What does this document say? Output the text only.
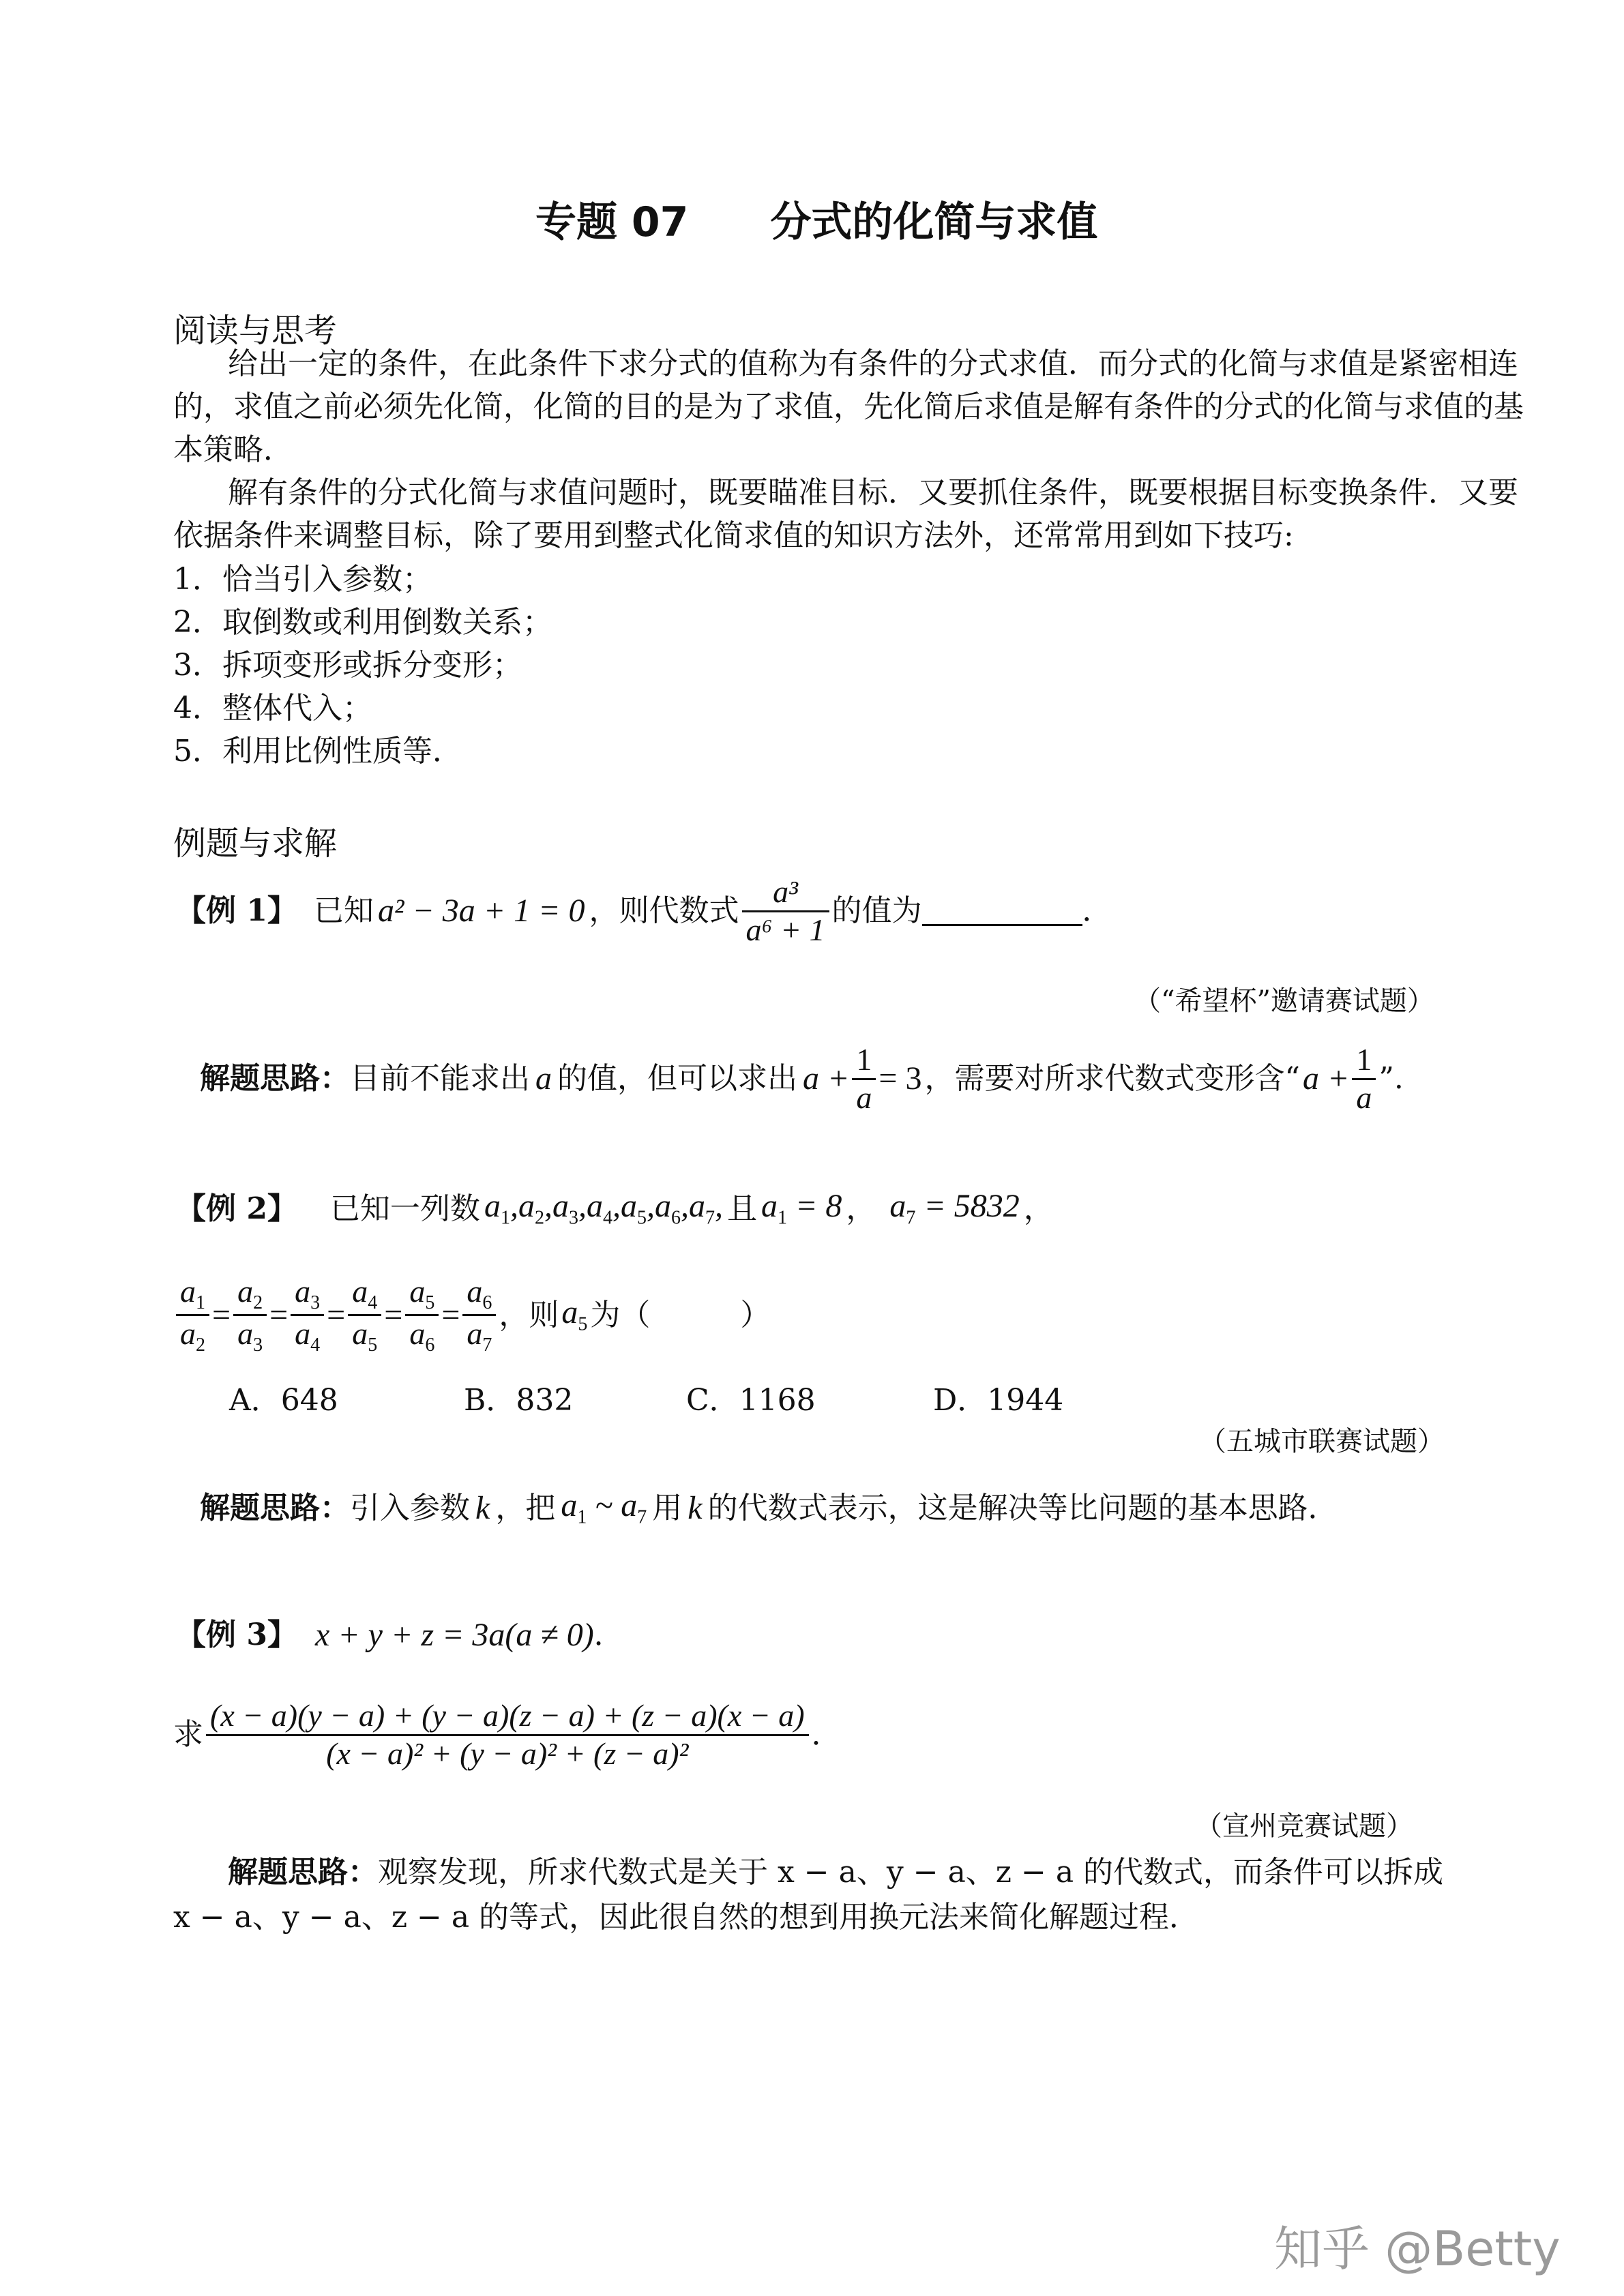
专题 07　　分式的化简与求值
阅读与思考
给出一定的条件，在此条件下求分式的值称为有条件的分式求值．而分式的化简与求值是紧密相连
的，求值之前必须先化简，化简的目的是为了求值，先化简后求值是解有条件的分式的化简与求值的基
本策略．
解有条件的分式化简与求值问题时，既要瞄准目标．又要抓住条件，既要根据目标变换条件．又要
依据条件来调整目标，除了要用到整式化简求值的知识方法外，还常常用到如下技巧:
1．恰当引入参数；
2．取倒数或利用倒数关系；
3．拆项变形或拆分变形；
4．整体代入；
5．利用比例性质等．
例题与求解
【例 1】 已知 a² − 3a + 1 = 0 ，则代数式 $\frac{\text{a³}}{\text{a⁶ + 1}}$ 的值为	．
（“希望杯”邀请赛试题）
解题思路： 目前不能求出 a 的值，但可以求出 $a + \frac{1}{a} = 3$ ，需要对所求代数式变形含“ $a + \frac{1}{a}$ ”.
【例 2】 已知一列数 $a_1,a_2,a_3,a_4,a_5,a_6,a_7$, 且 $a_1 = 8$ ， $a_7 = 5832$ ，
$\frac{a_1}{a_2} = \frac{a_2}{a_3} = \frac{a_3}{a_4} = \frac{a_4}{a_5} = \frac{a_5}{a_6} = \frac{a_6}{a_7}$ ，则 $a_5$ 为（　　　）
A．648	B．832	C．1168	D．1944
（五城市联赛试题）
解题思路： 引入参数 k ，把 $a_1$ ~ $a_7$ 用 k 的代数式表示，这是解决等比问题的基本思路．
【例 3】 x + y + z = 3a(a ≠ 0) ．
求 $\frac{(x - a)(y - a) + (y - a)(z - a) + (z - a)(x - a)}{\text{(x − a)² + (y − a)² + (z − a)²}}$ ．
（宣州竞赛试题）
解题思路：观察发现，所求代数式是关于 x − a、y − a、z − a 的代数式，而条件可以拆成
x − a、y − a、z − a 的等式，因此很自然的想到用换元法来简化解题过程．
知乎 @Betty
